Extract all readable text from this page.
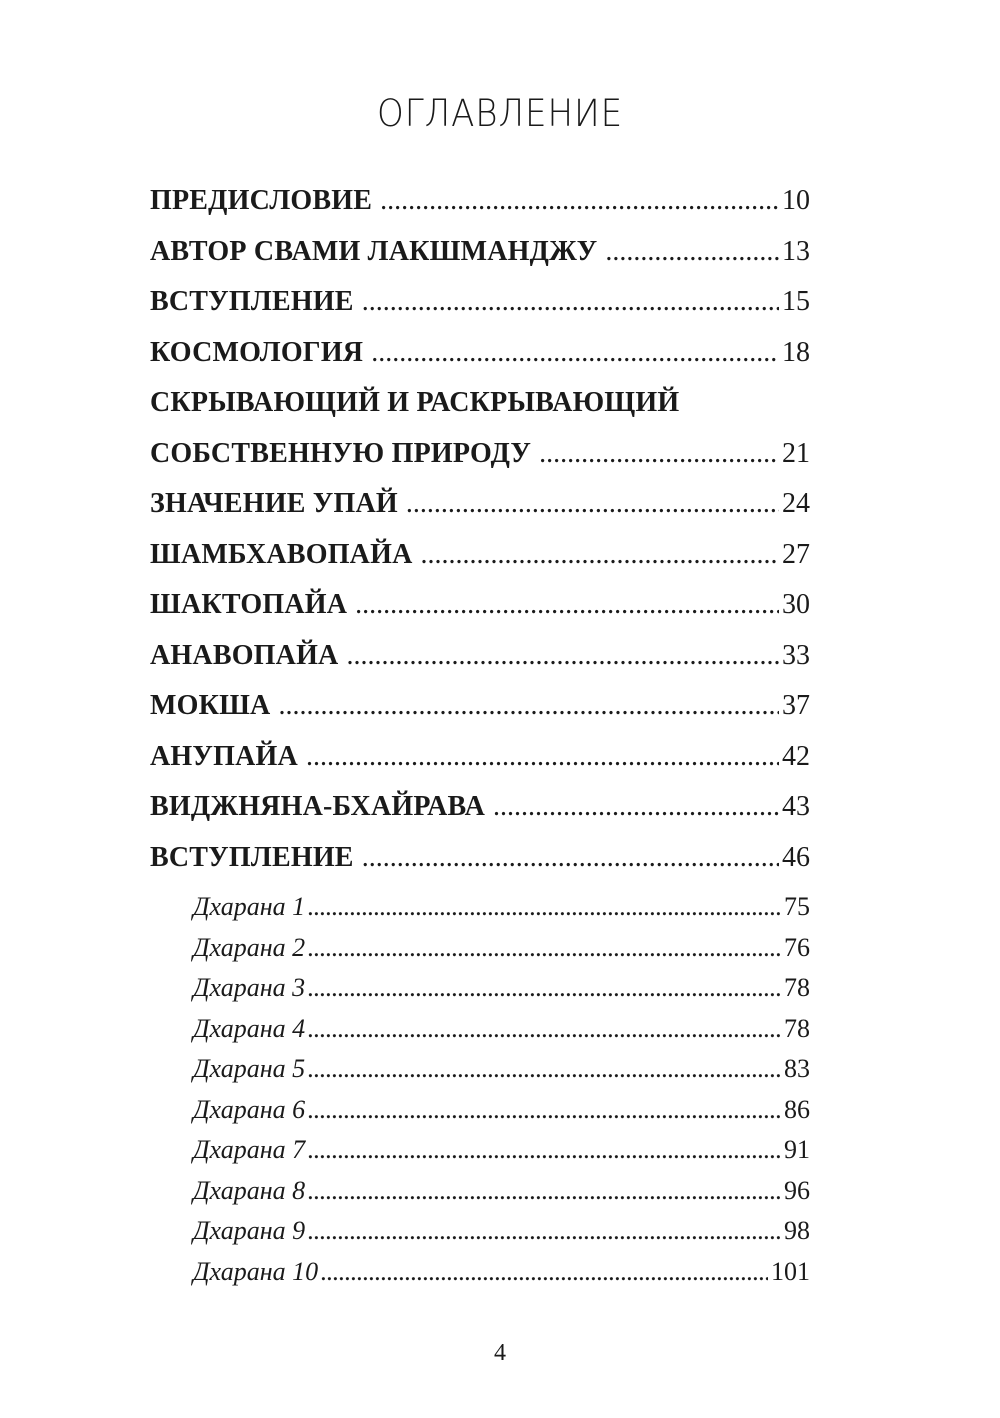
ОГЛАВЛЕНИЕ
ПРЕДИСЛОВИЕ . . .	10
АВТОР СВАМИ ЛАКШМАНДЖУ . . .	13
ВСТУПЛЕНИЕ . . .	15
КОСМОЛОГИЯ . . .	18
СКРЫВАЮЩИЙ И РАСКРЫВАЮЩИЙ
СОБСТВЕННУЮ ПРИРОДУ . . .	21
ЗНАЧЕНИЕ УПАЙ . . .	24
ШАМБХАВОПАЙА . . .	27
ШАКТОПАЙА . . .	30
АНАВОПАЙА . . .	33
МОКША . . .	37
АНУПАЙА . . .	42
ВИДЖНЯНА-БХАЙРАВА . . .	43
ВСТУПЛЕНИЕ . . .	46
Дхарана 1 . . .	75
Дхарана 2 . . .	76
Дхарана 3 . . .	78
Дхарана 4 . . .	78
Дхарана 5 . . .	83
Дхарана 6 . . .	86
Дхарана 7 . . .	91
Дхарана 8 . . .	96
Дхарана 9 . . .	98
Дхарана 10 . . .	101
4
